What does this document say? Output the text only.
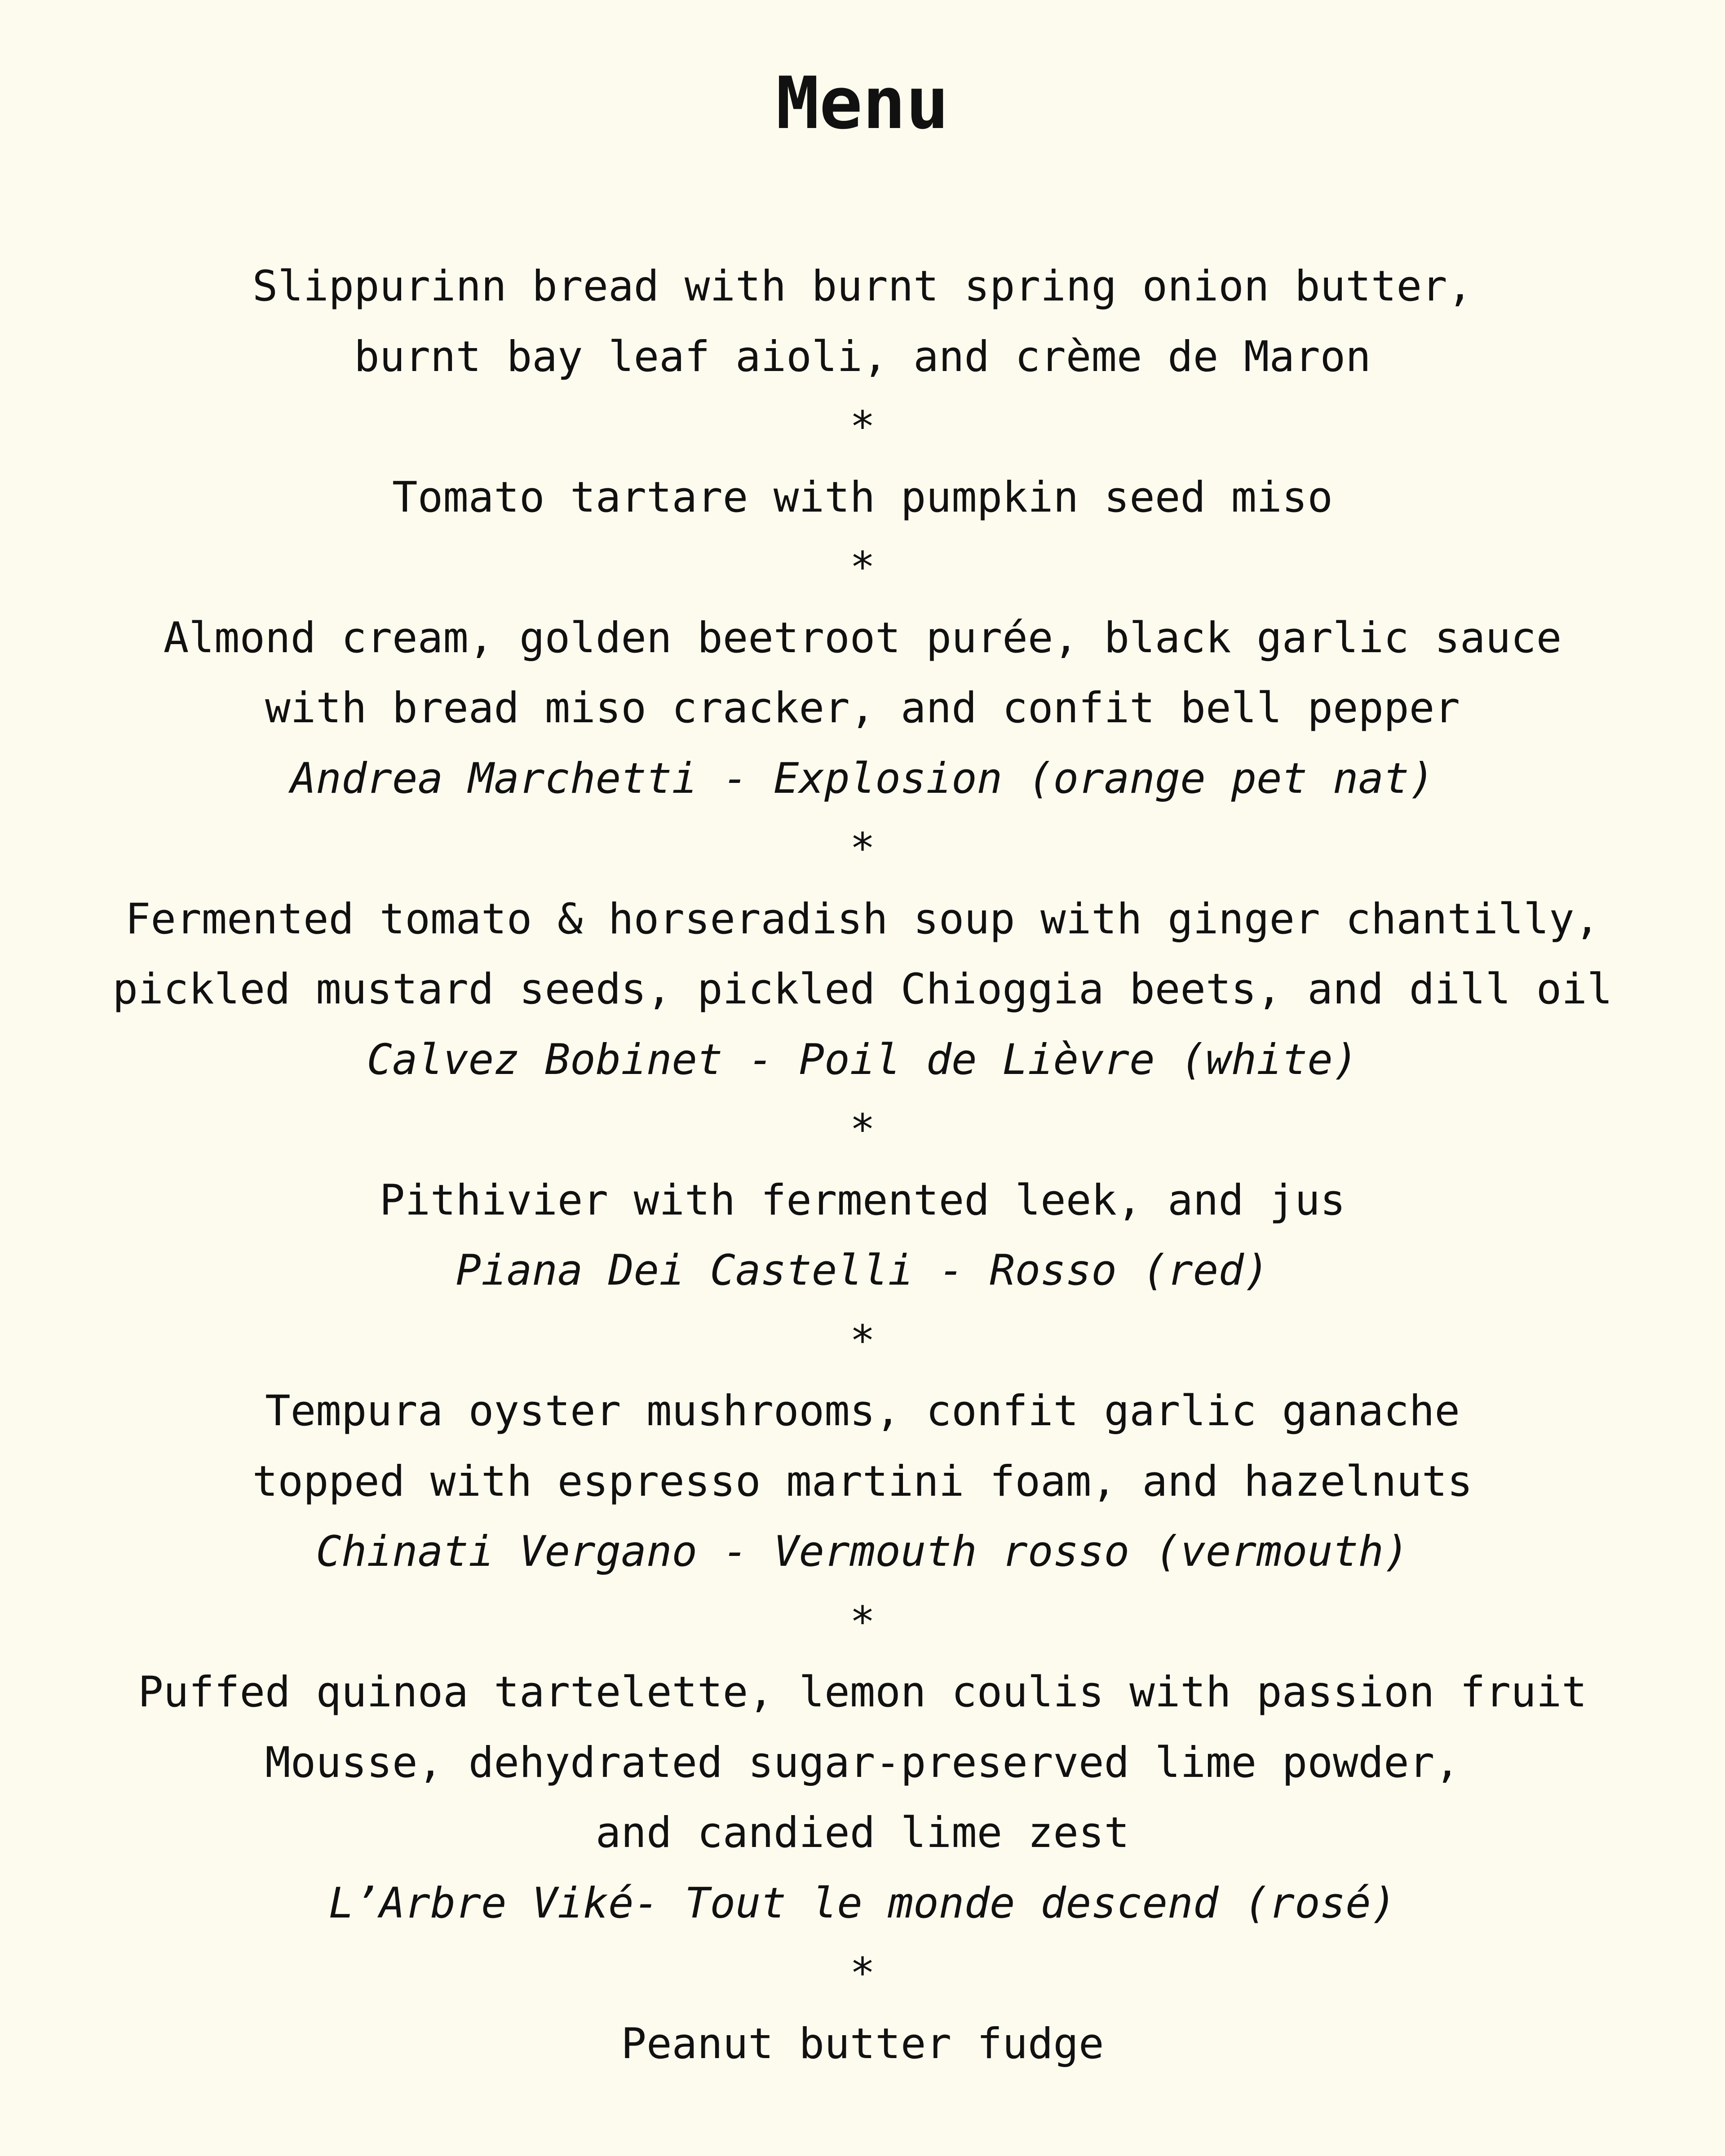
Menu
Slippurinn bread with burnt spring onion butter,
burnt bay leaf aioli, and crème de Maron
*
Tomato tartare with pumpkin seed miso
*
Almond cream, golden beetroot purée, black garlic sauce
with bread miso cracker, and confit bell pepper
Andrea Marchetti - Explosion (orange pet nat)
*
Fermented tomato & horseradish soup with ginger chantilly,
pickled mustard seeds, pickled Chioggia beets, and dill oil
Calvez Bobinet - Poil de Lièvre (white)
*
Pithivier with fermented leek, and jus
Piana Dei Castelli - Rosso (red)
*
Tempura oyster mushrooms, confit garlic ganache
topped with espresso martini foam, and hazelnuts
Chinati Vergano - Vermouth rosso (vermouth)
*
Puffed quinoa tartelette, lemon coulis with passion fruit
Mousse, dehydrated sugar-preserved lime powder,
and candied lime zest
L’Arbre Viké- Tout le monde descend (rosé)
*
Peanut butter fudge
